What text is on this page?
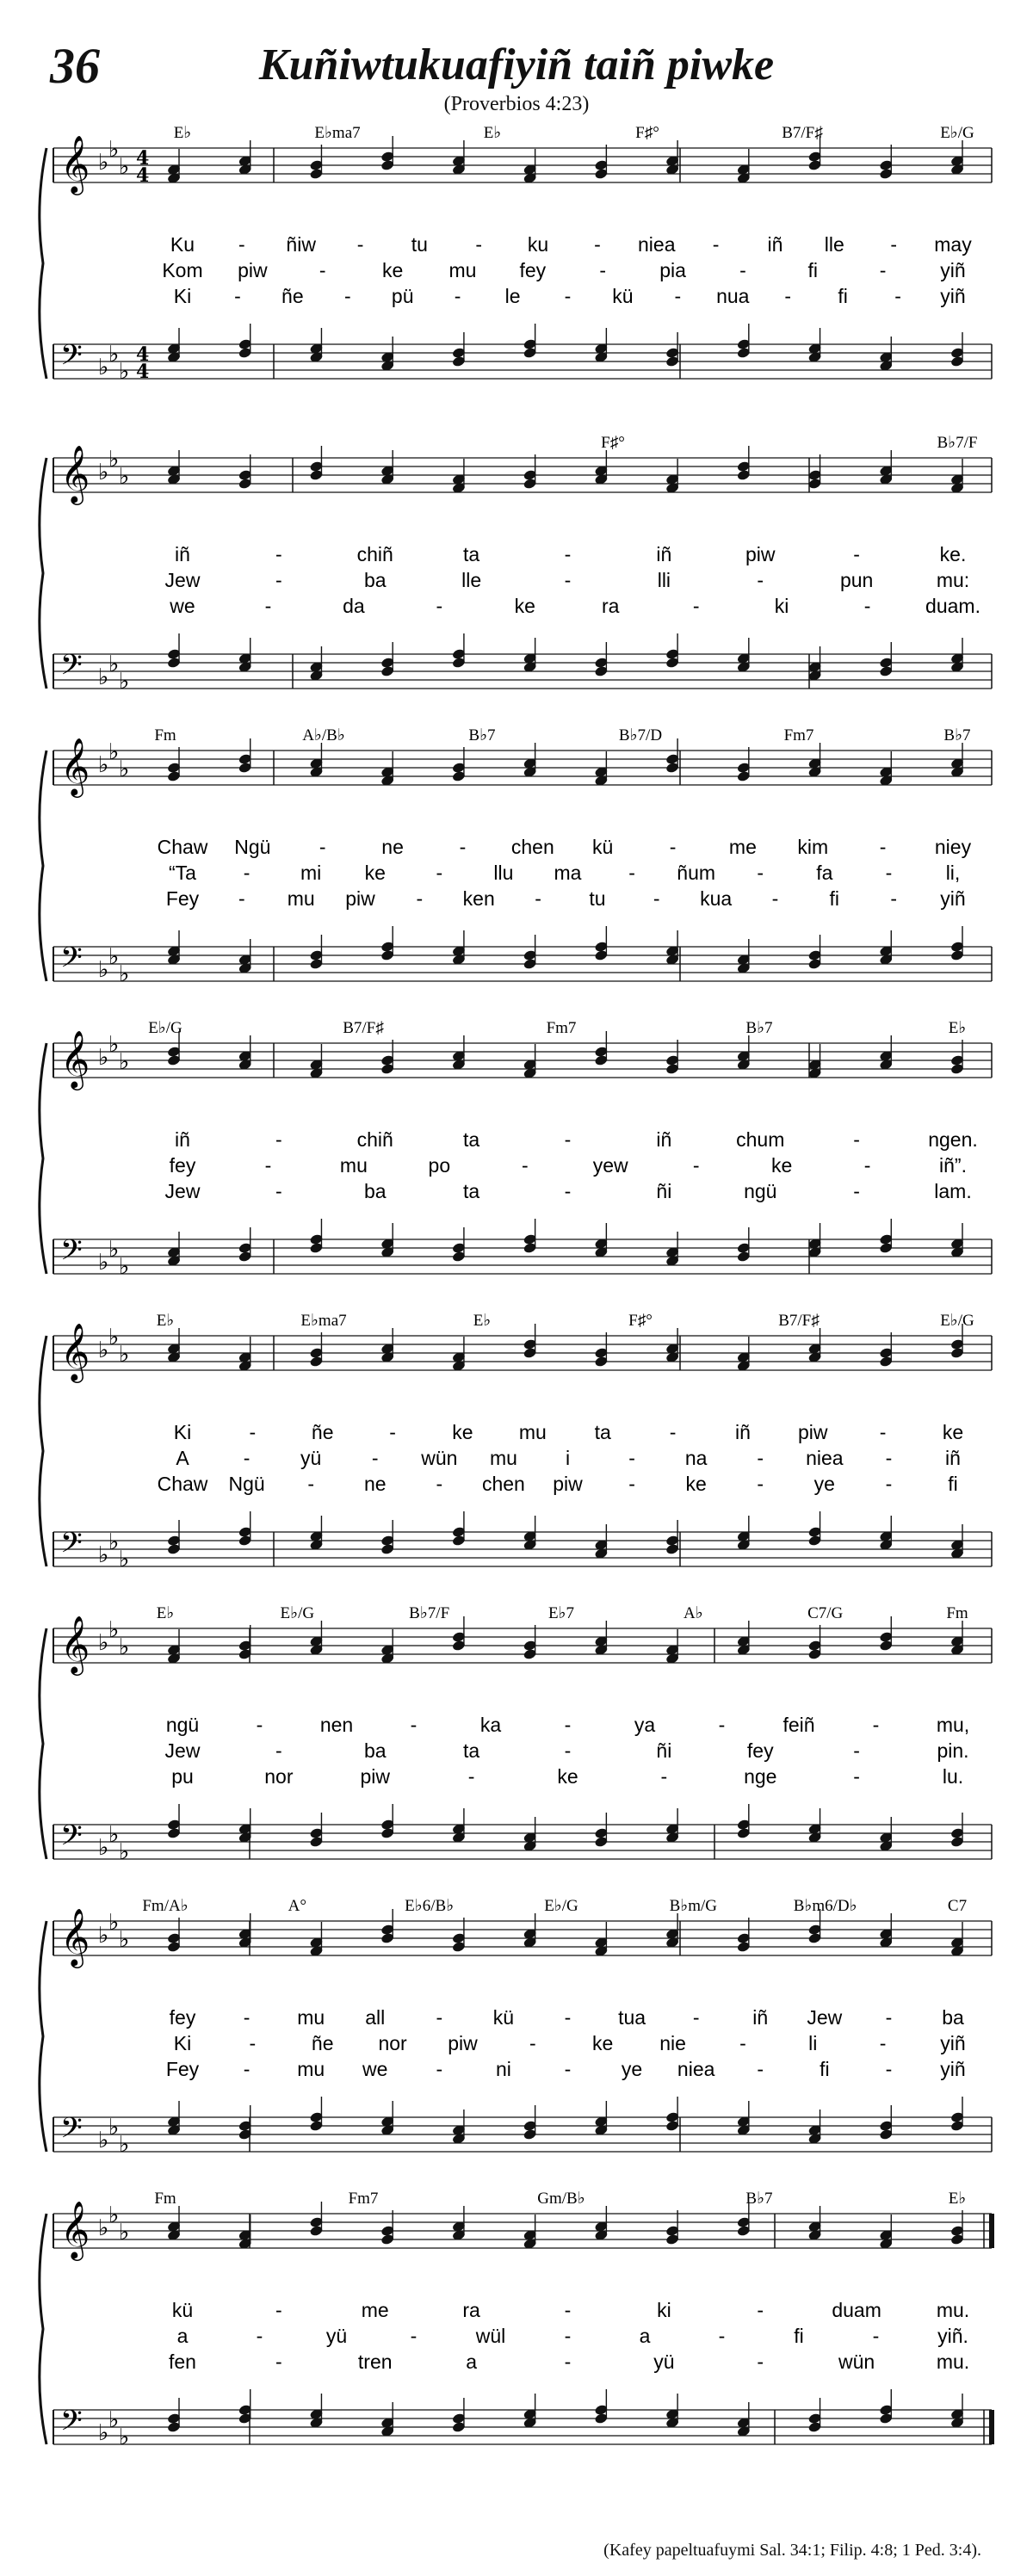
36	Kuñiwtukuafiyiñ taiñ piwke
(Proverbios 4:23)
𝄞 ♭ ♭
♭ 4
4
𝄢 ♭ ♭
♭
4
4
E♭	E♭ma7	E♭	F♯°	B7/F♯	E♭/G
Ku - ñiw - tu - ku - niea - iñ lle - may
Kom piw	-	ke mu fey	-	pia	-	fi	-	yiñ
Ki - ñe - pü - le - kü - nua - fi - yiñ
𝄞 ♭ ♭
♭
𝄢 ♭ ♭
♭
F♯°	B♭7/F
iñ	-	chiñ	ta	-	iñ	piw	-	ke.
Jew	-	ba	lle	-	lli	-	pun	mu:
we	-	da	-	ke	ra	-	ki	-	duam.
𝄞 ♭ ♭
♭
𝄢 ♭ ♭
♭
Fm	A♭/B♭	B♭7	B♭7/D	Fm7	B♭7
Chaw Ngü -	ne	- chen kü	-	me kim	- niey
“Ta -	mi ke	-	llu ma - ñum -	fa	-	li,
Fey - mu piw - ken - tu - kua -	fi	- yiñ
𝄞 ♭ ♭
♭
𝄢 ♭ ♭
♭
E♭/G	B7/F♯	Fm7	B♭7	E♭
iñ	-	chiñ	ta	-	iñ	chum	-	ngen.
fey	-	mu	po	-	yew	-	ke	-	iñ”.
Jew	-	ba	ta	-	ñi	ngü	-	lam.
𝄞 ♭ ♭
♭
𝄢 ♭ ♭
♭
E♭	E♭ma7	E♭	F♯°	B7/F♯	E♭/G
Ki	-	ñe	-	ke mu ta	-	iñ piw	-	ke
A	-	yü	- wün mu i	-	na	- niea -	iñ
Chaw Ngü -	ne	- chen piw -	ke	-	ye	-	fi
𝄞 ♭ ♭
♭
𝄢 ♭ ♭
♭
E♭	E♭/G	B♭7/F	E♭7	A♭	C7/G	Fm
ngü	-	nen	-	ka	-	ya	-	feiñ	-	mu,
Jew	-	ba	ta	-	ñi	fey	-	pin.
pu	nor	piw	-	ke	-	nge	-	lu.
𝄞 ♭ ♭
♭
𝄢 ♭ ♭
♭
Fm/A♭	A°	E♭6/B♭	E♭/G	B♭m/G	B♭m6/D♭	C7
fey - mu all	-	kü	- tua -	iñ Jew -	ba
Ki	-	ñe nor piw	-	ke nie	-	li	-	yiñ
Fey - mu we -	ni	-	ye niea -	fi	- yiñ
𝄞 ♭ ♭
♭
𝄢 ♭ ♭
♭
Fm	Fm7	Gm/B♭	B♭7	E♭
kü	-	me	ra	-	ki	-	duam	mu.
a	-	yü	-	wül	-	a	-	fi	-	yiñ.
fen	-	tren	a	-	yü	-	wün	mu.
(Kafey papeltuafuymi Sal. 34:1; Filip. 4:8; 1 Ped. 3:4).
